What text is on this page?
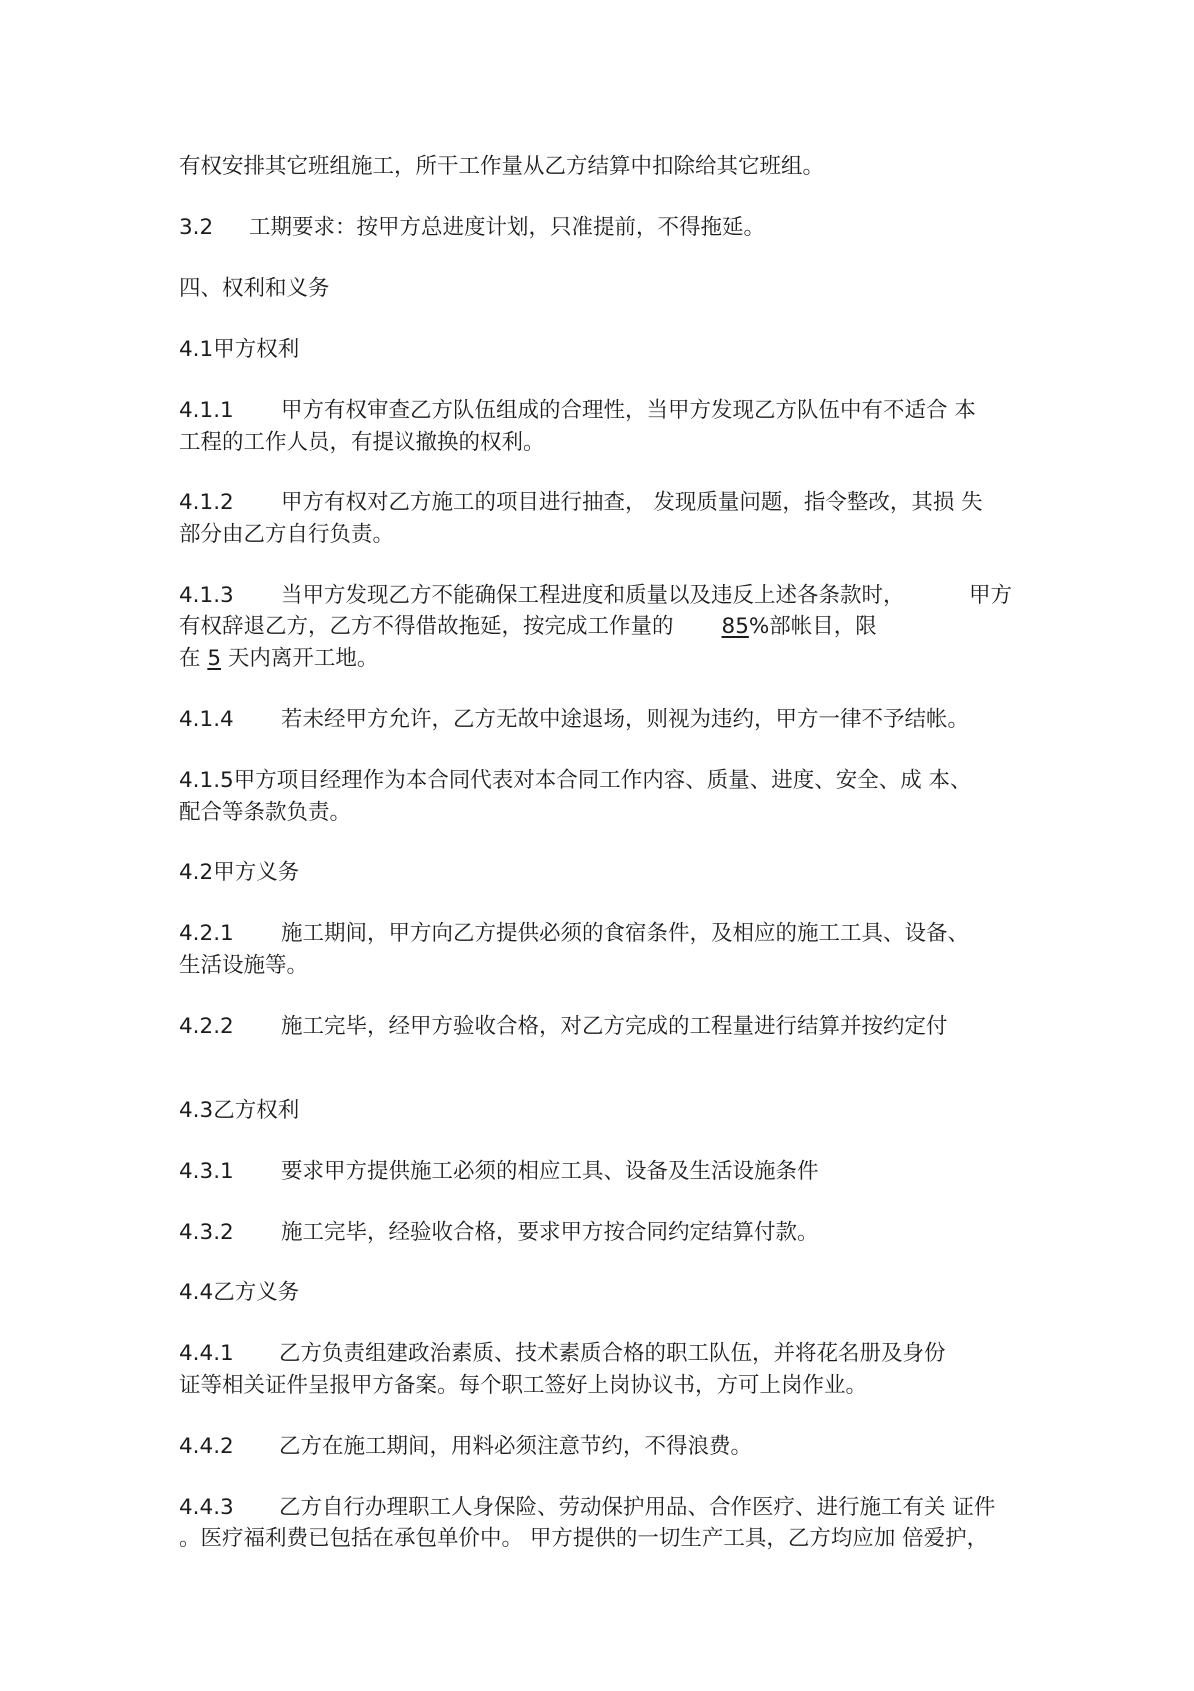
有权安排其它班组施工，所干工作量从乙方结算中扣除给其它班组。
3.2 工期要求：按甲方总进度计划，只准提前，不得拖延。
四、权利和义务
4.1甲方权利
4.1.1 甲方有权审查乙方队伍组成的合理性，当甲方发现乙方队伍中有不适合 本
工程的工作人员，有提议撤换的权利。
4.1.2 甲方有权对乙方施工的项目进行抽查， 发现质量问题，指令整改，其损 失
部分由乙方自行负责。
4.1.3 当甲方发现乙方不能确保工程进度和质量以及违反上述各条款时，	甲方
有权辞退乙方，乙方不得借故拖延，按完成工作量的 85%部帐目，限
在 5 天内离开工地。
4.1.4 若未经甲方允许，乙方无故中途退场，则视为违约，甲方一律不予结帐。
4.1.5甲方项目经理作为本合同代表对本合同工作内容、质量、进度、安全、成 本、
配合等条款负责。
4.2甲方义务
4.2.1 施工期间，甲方向乙方提供必须的食宿条件，及相应的施工工具、设备、
生活设施等。
4.2.2 施工完毕，经甲方验收合格，对乙方完成的工程量进行结算并按约定付
4.3乙方权利
4.3.1 要求甲方提供施工必须的相应工具、设备及生活设施条件
4.3.2 施工完毕，经验收合格，要求甲方按合同约定结算付款。
4.4乙方义务
4.4.1 乙方负责组建政治素质、技术素质合格的职工队伍，并将花名册及身份
证等相关证件呈报甲方备案。每个职工签好上岗协议书，方可上岗作业。
4.4.2 乙方在施工期间，用料必须注意节约，不得浪费。
4.4.3 乙方自行办理职工人身保险、劳动保护用品、合作医疗、进行施工有关 证件
。医疗福利费已包括在承包单价中。 甲方提供的一切生产工具，乙方均应加 倍爱护，
